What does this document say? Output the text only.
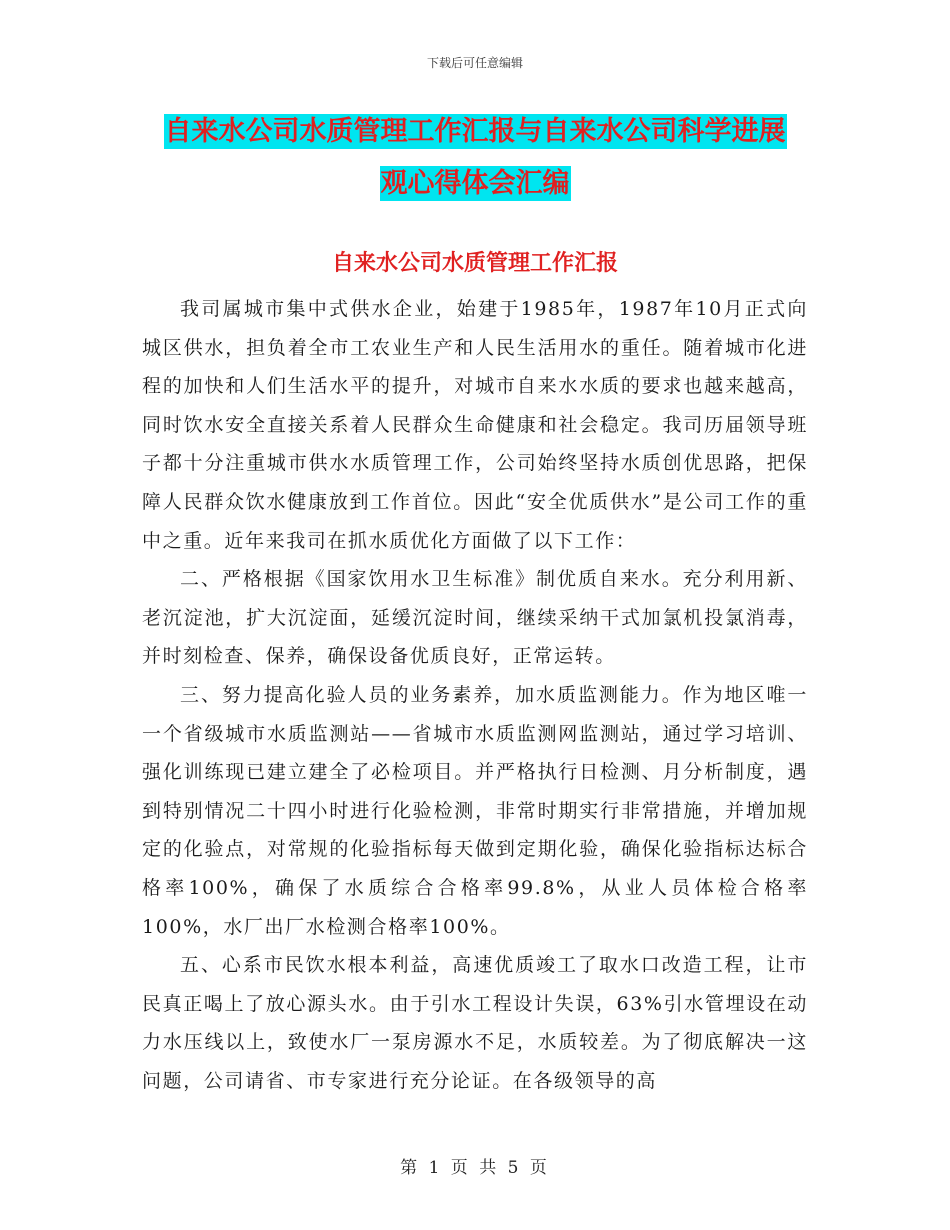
下载后可任意编辑
自来水公司水质管理工作汇报与自来水公司科学进展
观心得体会汇编
自来水公司水质管理工作汇报

我司属城市集中式供水企业，始建于1985年，1987年10月正式向城区供水，担负着全市工农业生产和人民生活用水的重任。随着城市化进程的加快和人们生活水平的提升，对城市自来水水质的要求也越来越高，同时饮水安全直接关系着人民群众生命健康和社会稳定。我司历届领导班子都十分注重城市供水水质管理工作，公司始终坚持水质创优思路，把保障人民群众饮水健康放到工作首位。因此“安全优质供水”是公司工作的重中之重。近年来我司在抓水质优化方面做了以下工作：

二、严格根据《国家饮用水卫生标准》制优质自来水。充分利用新、老沉淀池，扩大沉淀面，延缓沉淀时间，继续采纳干式加氯机投氯消毒，并时刻检查、保养，确保设备优质良好，正常运转。

三、努力提高化验人员的业务素养，加水质监测能力。作为地区唯一一个省级城市水质监测站——省城市水质监测网监测站，通过学习培训、强化训练现已建立建全了必检项目。并严格执行日检测、月分析制度，遇到特别情况二十四小时进行化验检测，非常时期实行非常措施，并增加规定的化验点，对常规的化验指标每天做到定期化验，确保化验指标达标合格率100%，确保了水质综合合格率99.8%，从业人员体检合格率100%，水厂出厂水检测合格率100%。

五、心系市民饮水根本利益，高速优质竣工了取水口改造工程，让市民真正喝上了放心源头水。由于引水工程设计失误，63%引水管埋设在动力水压线以上，致使水厂一泵房源水不足，水质较差。为了彻底解决一这问题，公司请省、市专家进行充分论证。在各级领导的高

第 1 页 共 5 页
